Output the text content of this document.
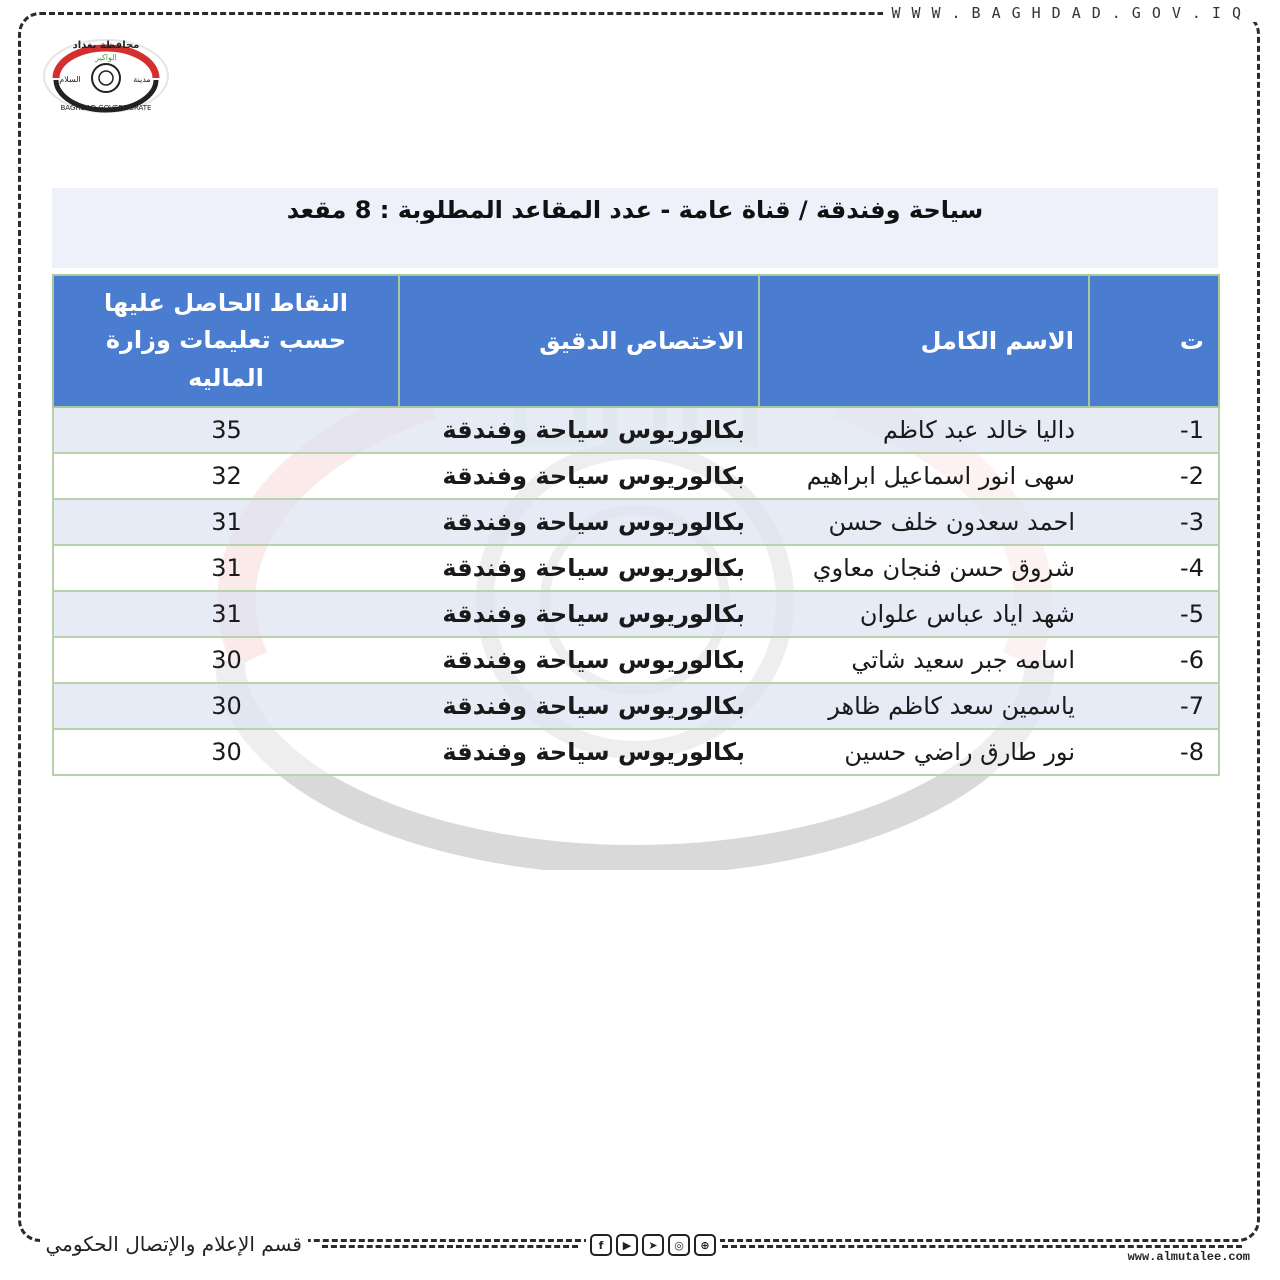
WWW.BAGHDAD.GOV.IQ
محافظة بغداد
الواكير
السلام	مدينة
BAGHDAD GOVERNORATE
سياحة وفندقة / قناة عامة - عدد المقاعد المطلوبة : 8 مقعد
ت	الاسم الكامل	الاختصاص الدقيق	النقاط الحاصل عليها حسب تعليمات وزارة الماليه
1-	داليا خالد عبد كاظم	بكالوريوس سياحة وفندقة	35
2-	سهى انور اسماعيل ابراهيم	بكالوريوس سياحة وفندقة	32
3-	احمد سعدون خلف حسن	بكالوريوس سياحة وفندقة	31
4-	شروق حسن فنجان معاوي	بكالوريوس سياحة وفندقة	31
5-	شهد اياد عباس علوان	بكالوريوس سياحة وفندقة	31
6-	اسامه جبر سعيد شاتي	بكالوريوس سياحة وفندقة	30
7-	ياسمين سعد كاظم ظاهر	بكالوريوس سياحة وفندقة	30
8-	نور طارق راضي حسين	بكالوريوس سياحة وفندقة	30
قسم الإعلام والإتصال الحكومي	f	▶	➤	◎	⊕
www.almutalee.com
